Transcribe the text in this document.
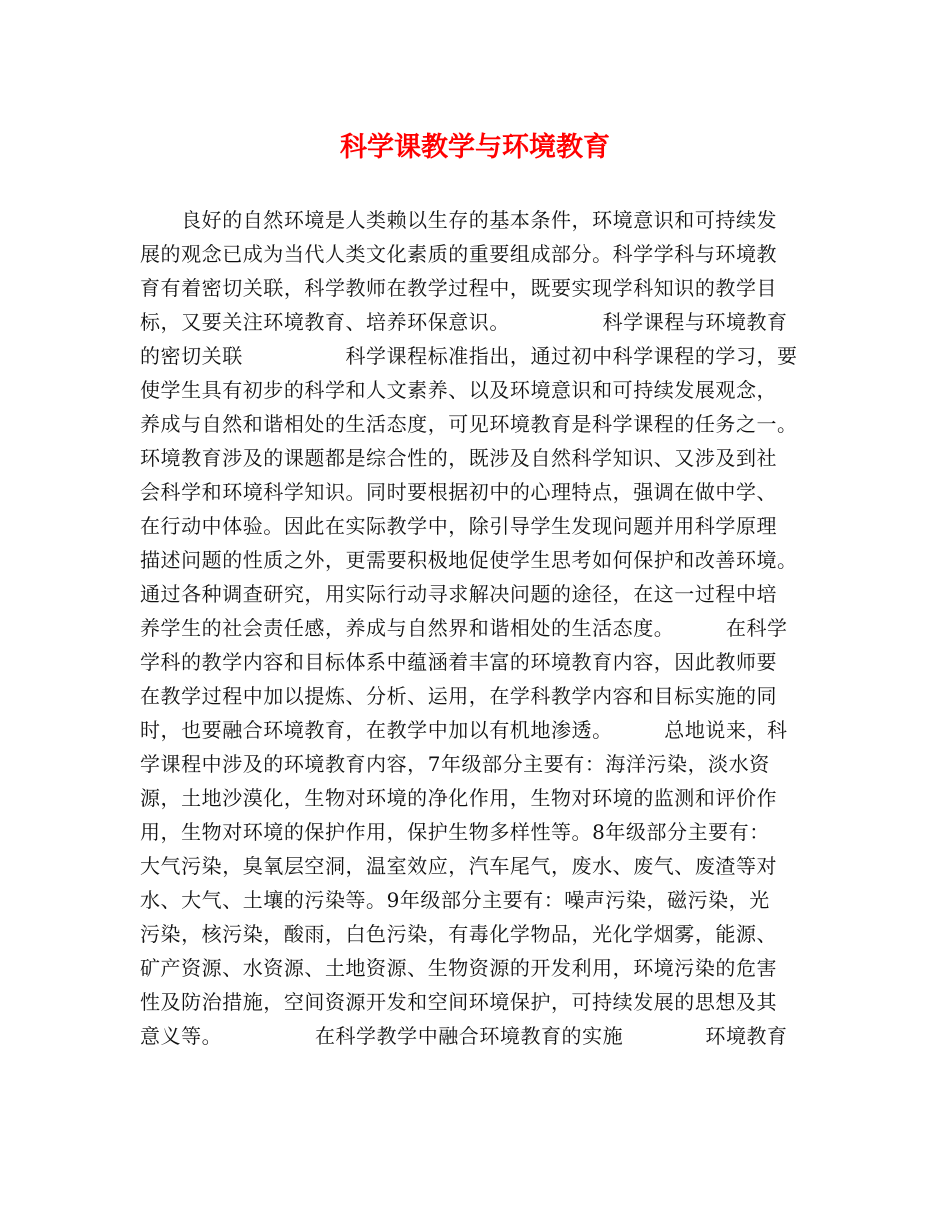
科学课教学与环境教育
　　良好的自然环境是人类赖以生存的基本条件，环境意识和可持续发
展的观念已成为当代人类文化素质的重要组成部分。科学学科与环境教
育有着密切关联，科学教师在教学过程中，既要实现学科知识的教学目
标，又要关注环境教育、培养环保意识。　　　　　科学课程与环境教育
的密切关联　　　　　科学课程标准指出，通过初中科学课程的学习，要
使学生具有初步的科学和人文素养、以及环境意识和可持续发展观念，
养成与自然和谐相处的生活态度，可见环境教育是科学课程的任务之一。
环境教育涉及的课题都是综合性的，既涉及自然科学知识、又涉及到社
会科学和环境科学知识。同时要根据初中的心理特点，强调在做中学、
在行动中体验。因此在实际教学中，除引导学生发现问题并用科学原理
描述问题的性质之外，更需要积极地促使学生思考如何保护和改善环境。
通过各种调查研究，用实际行动寻求解决问题的途径，在这一过程中培
养学生的社会责任感，养成与自然界和谐相处的生活态度。　　　在科学
学科的教学内容和目标体系中蕴涵着丰富的环境教育内容，因此教师要
在教学过程中加以提炼、分析、运用，在学科教学内容和目标实施的同
时，也要融合环境教育，在教学中加以有机地渗透。　　　总地说来，科
学课程中涉及的环境教育内容，7年级部分主要有：海洋污染，淡水资
源，土地沙漠化，生物对环境的净化作用，生物对环境的监测和评价作
用，生物对环境的保护作用，保护生物多样性等。8年级部分主要有：
大气污染，臭氧层空洞，温室效应，汽车尾气，废水、废气、废渣等对
水、大气、土壤的污染等。9年级部分主要有：噪声污染，磁污染，光
污染，核污染，酸雨，白色污染，有毒化学物品，光化学烟雾，能源、
矿产资源、水资源、土地资源、生物资源的开发利用，环境污染的危害
性及防治措施，空间资源开发和空间环境保护，可持续发展的思想及其
意义等。　　　　　在科学教学中融合环境教育的实施　　　　环境教育
